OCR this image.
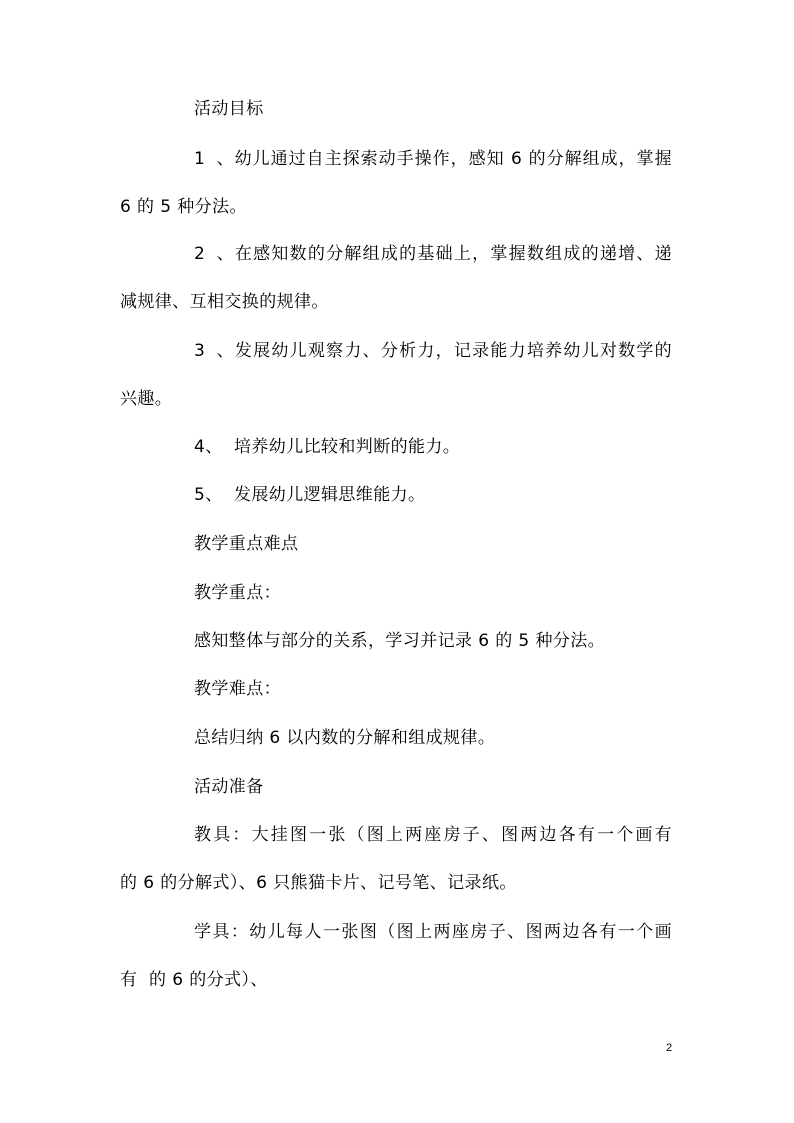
活动目标
1、幼儿通过自主探索动手操作，感知 6 的分解组成，掌握
6 的 5 种分法。
2、在感知数的分解组成的基础上，掌握数组成的递增、递
减规律、互相交换的规律。
3、发展幼儿观察力、分析力，记录能力培养幼儿对数学的
兴趣。
4、 培养幼儿比较和判断的能力。
5、 发展幼儿逻辑思维能力。
教学重点难点
教学重点：
感知整体与部分的关系，学习并记录 6 的 5 种分法。
教学难点：
总结归纳 6 以内数的分解和组成规律。
活动准备
教具：大挂图一张（图上两座房子、图两边各有一个画有
的 6 的分解式）、6 只熊猫卡片、记号笔、记录纸。
学具：幼儿每人一张图（图上两座房子、图两边各有一个画
有  的 6 的分式）、
2
